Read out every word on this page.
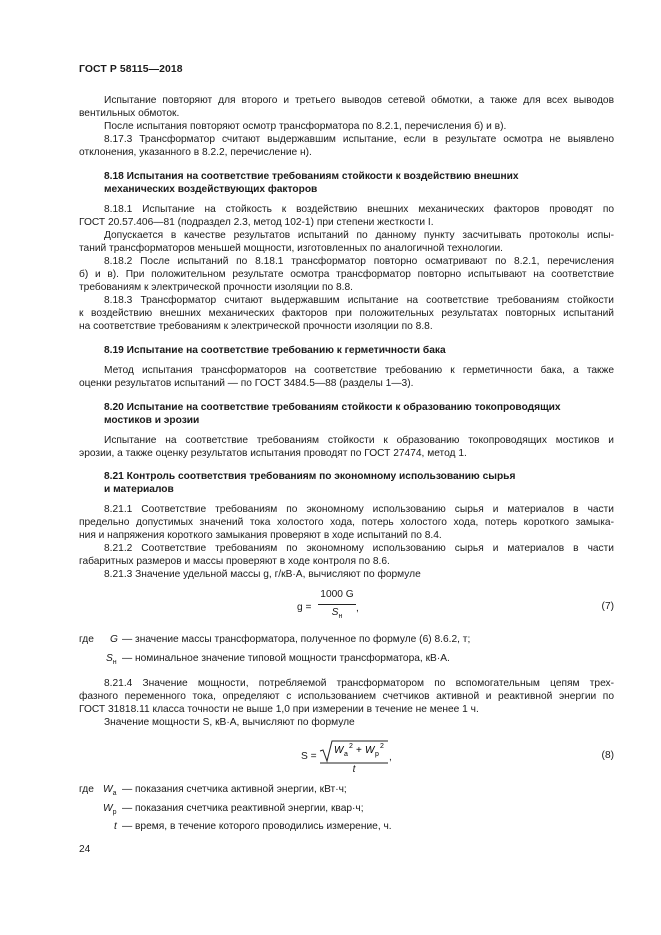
ГОСТ Р 58115—2018
Испытание повторяют для второго и третьего выводов сетевой обмотки, а также для всех выводов
вентильных обмоток.
После испытания повторяют осмотр трансформатора по 8.2.1, перечисления б) и в).
8.17.3 Трансформатор считают выдержавшим испытание, если в результате осмотра не выявлено
отклонения, указанного в 8.2.2, перечисление н).
8.18 Испытания на соответствие требованиям стойкости к воздействию внешних
механических воздействующих факторов
8.18.1 Испытание на стойкость к воздействию внешних механических факторов проводят по
ГОСТ 20.57.406—81 (подраздел 2.3, метод 102-1) при степени жесткости I.
Допускается в качестве результатов испытаний по данному пункту засчитывать протоколы испы-
таний трансформаторов меньшей мощности, изготовленных по аналогичной технологии.
8.18.2 После испытаний по 8.18.1 трансформатор повторно осматривают по 8.2.1, перечисления
б) и в). При положительном результате осмотра трансформатор повторно испытывают на соответствие
требованиям к электрической прочности изоляции по 8.8.
8.18.3 Трансформатор считают выдержавшим испытание на соответствие требованиям стойкости
к воздействию внешних механических факторов при положительных результатах повторных испытаний
на соответствие требованиям к электрической прочности изоляции по 8.8.
8.19 Испытание на соответствие требованию к герметичности бака
Метод испытания трансформаторов на соответствие требованию к герметичности бака, а также
оценки результатов испытаний — по ГОСТ 3484.5—88 (разделы 1—3).
8.20 Испытание на соответствие требованиям стойкости к образованию токопроводящих
мостиков и эрозии
Испытание на соответствие требованиям стойкости к образованию токопроводящих мостиков и
эрозии, а также оценку результатов испытания проводят по ГОСТ 27474, метод 1.
8.21 Контроль соответствия требованиям по экономному использованию сырья
и материалов
8.21.1 Соответствие требованиям по экономному использованию сырья и материалов в части
предельно допустимых значений тока холостого хода, потерь холостого хода, потерь короткого замыка-
ния и напряжения короткого замыкания проверяют в ходе испытаний по 8.4.
8.21.2 Соответствие требованиям по экономному использованию сырья и материалов в части
габаритных размеров и массы проверяют в ходе контроля по 8.6.
8.21.3 Значение удельной массы g, г/кВ·А, вычисляют по формуле
g =
1000 G
$S_н$
,	(7)
где G — значение массы трансформатора, полученное по формуле (6) 8.6.2, т;
$S_н$ — номинальное значение типовой мощности трансформатора, кВ·А.
8.21.4 Значение мощности, потребляемой трансформатором по вспомогательным цепям трех-
фазного переменного тока, определяют с использованием счетчиков активной и реактивной энергии по
ГОСТ 31818.11 класса точности не выше 1,0 при измерении в течение не менее 1 ч.
Значение мощности S, кВ·А, вычисляют по формуле
S =
W а
2 + W р
2
t
,	(8)
где $W_а$ — показания счетчика активной энергии, кВт·ч;
$W_р$ — показания счетчика реактивной энергии, квар·ч;
t — время, в течение которого проводились измерение, ч.
24
